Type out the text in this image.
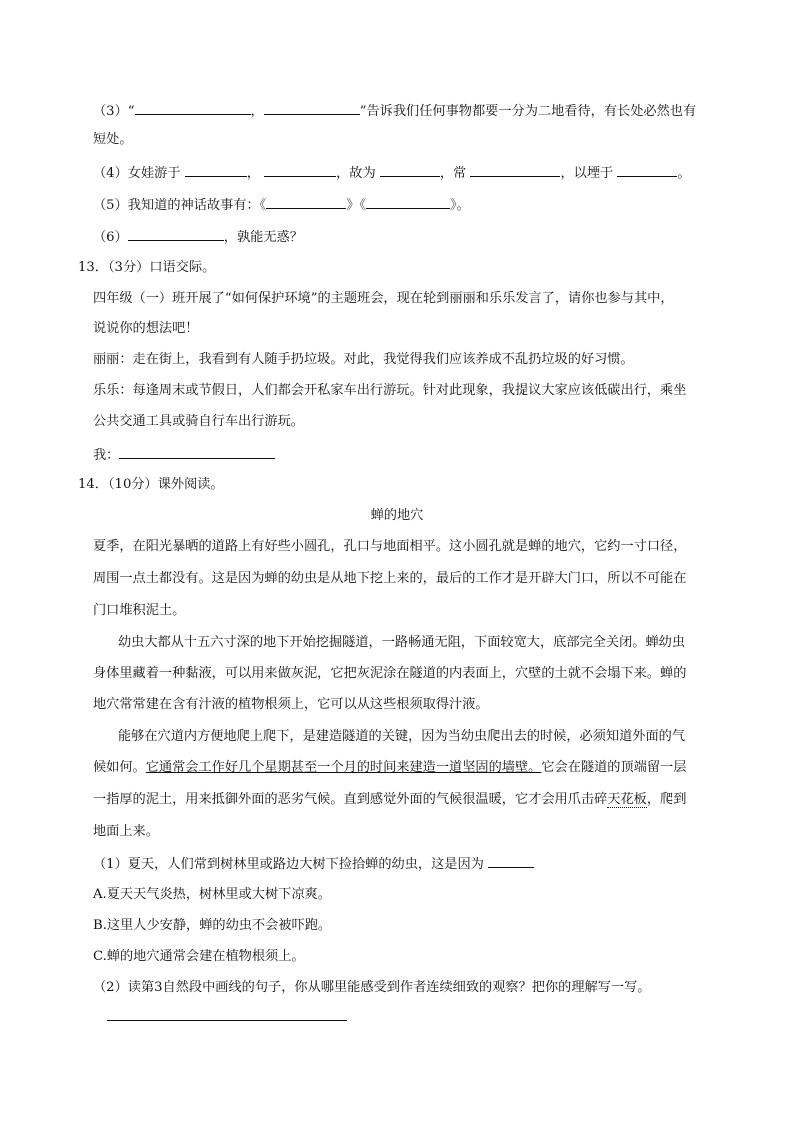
（3）“	，	”告诉我们任何事物都要一分为二地看待，有长处必然也有
短处。
（4）女娃游于	，	，故为	，常	，以堙于	。
（5）我知道的神话故事有：《	》《	》。
（6）	，孰能无惑？
13．（3分）口语交际。
四年级（一）班开展了“如何保护环境”的主题班会，现在轮到丽丽和乐乐发言了，请你也参与其中，
说说你的想法吧！
丽丽：走在街上，我看到有人随手扔垃圾。对此，我觉得我们应该养成不乱扔垃圾的好习惯。
乐乐：每逢周末或节假日，人们都会开私家车出行游玩。针对此现象，我提议大家应该低碳出行，乘坐
公共交通工具或骑自行车出行游玩。
我：
14．（10分）课外阅读。
蝉的地穴
夏季，在阳光暴晒的道路上有好些小圆孔，孔口与地面相平。这小圆孔就是蝉的地穴，它约一寸口径，
周围一点土都没有。这是因为蝉的幼虫是从地下挖上来的，最后的工作才是开辟大门口，所以不可能在
门口堆积泥土。
幼虫大都从十五六寸深的地下开始挖掘隧道，一路畅通无阻，下面较宽大，底部完全关闭。蝉幼虫
身体里藏着一种黏液，可以用来做灰泥，它把灰泥涂在隧道的内表面上，穴壁的土就不会塌下来。蝉的
地穴常常建在含有汁液的植物根须上，它可以从这些根须取得汁液。
能够在穴道内方便地爬上爬下，是建造隧道的关键，因为当幼虫爬出去的时候，必须知道外面的气
候如何。它通常会工作好几个星期甚至一个月的时间来建造一道坚固的墙壁。它会在隧道的顶端留一层
一指厚的泥土，用来抵御外面的恶劣气候。直到感觉外面的气候很温暖，它才会用爪击碎天花板，爬到
地面上来。
（1）夏天，人们常到树林里或路边大树下捡拾蝉的幼虫，这是因为
A.夏天天气炎热，树林里或大树下凉爽。
B.这里人少安静，蝉的幼虫不会被吓跑。
C.蝉的地穴通常会建在植物根须上。
（2）读第3自然段中画线的句子，你从哪里能感受到作者连续细致的观察？把你的理解写一写。
